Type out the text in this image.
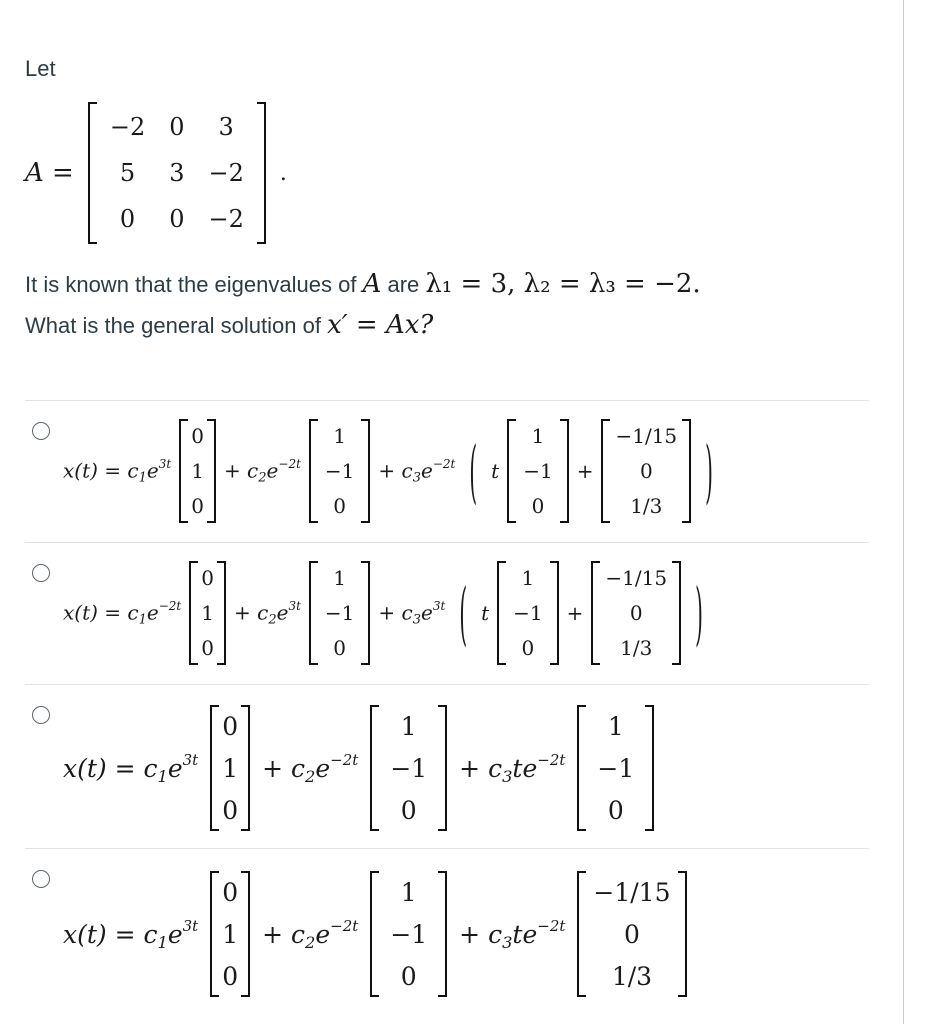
Let
A =
−2 0 3
5 3 −2
0 0 −2
.
It is known that the eigenvalues of A are λ₁ = 3, λ₂ = λ₃ = −2.
What is the general solution of x′ = Ax?
$x(t) = c_1e^{3t}$
0
1
0
+ $c_2e^{-2t}$
1
−1
0
+ $c_3e^{-2t}$ ( t
1
−1
0
+
−1/15
0
1/3 )
$x(t) = c_1e^{-2t}$
0
1
0
+ $c_2e^{3t}$
1
−1
0
+ $c_3e^{3t}$ ( t
1
−1
0
+
−1/15
0
1/3 )
$x(t) = c_1e^{3t}$
0
1
0
+ $c_2e^{-2t}$
1
−1
0
+ $c_3te^{-2t}$
1
−1
0
$x(t) = c_1e^{3t}$
0
1
0
+ $c_2e^{-2t}$
1
−1
0
+ $c_3te^{-2t}$
−1/15
0
1/3
